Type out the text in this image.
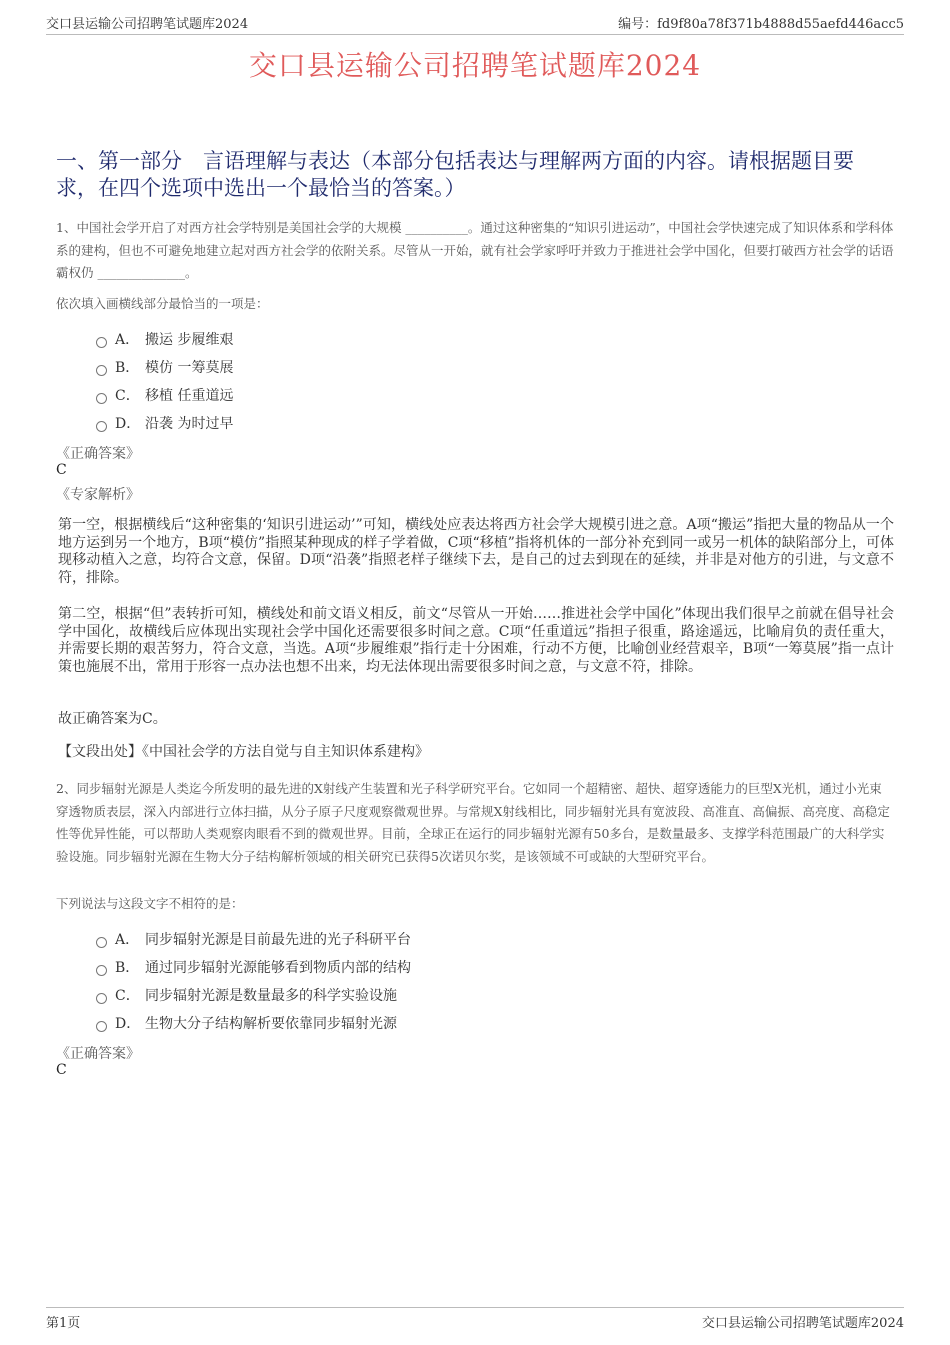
交口县运输公司招聘笔试题库2024	编号：fd9f80a78f371b4888d55aefd446acc5
交口县运输公司招聘笔试题库2024
一、第一部分　言语理解与表达（本部分包括表达与理解两方面的内容。请根据题目要求，在四个选项中选出一个最恰当的答案。）
1、中国社会学开启了对西方社会学特别是美国社会学的大规模 __________。通过这种密集的“知识引进运动”，中国社会学快速完成了知识体系和学科体系的建构，但也不可避免地建立起对西方社会学的依附关系。尽管从一开始，就有社会学家呼吁并致力于推进社会学中国化，但要打破西方社会学的话语霸权仍 ______________。
依次填入画横线部分最恰当的一项是：
A． 搬运 步履维艰
B． 模仿 一筹莫展
C． 移植 任重道远
D． 沿袭 为时过早
《正确答案》
C
《专家解析》
第一空，根据横线后“这种密集的‘知识引进运动’”可知，横线处应表达将西方社会学大规模引进之意。A项“搬运”指把大量的物品从一个地方运到另一个地方，B项“模仿”指照某种现成的样子学着做，C项“移植”指将机体的一部分补充到同一或另一机体的缺陷部分上，可体现移动植入之意，均符合文意，保留。D项“沿袭”指照老样子继续下去，是自己的过去到现在的延续，并非是对他方的引进，与文意不符，排除。
第二空，根据“但”表转折可知，横线处和前文语义相反，前文“尽管从一开始……推进社会学中国化”体现出我们很早之前就在倡导社会学中国化，故横线后应体现出实现社会学中国化还需要很多时间之意。C项“任重道远”指担子很重，路途遥远，比喻肩负的责任重大，并需要长期的艰苦努力，符合文意，当选。A项“步履维艰”指行走十分困难，行动不方便，比喻创业经营艰辛，B项“一筹莫展”指一点计策也施展不出，常用于形容一点办法也想不出来，均无法体现出需要很多时间之意，与文意不符，排除。
故正确答案为C。
【文段出处】《中国社会学的方法自觉与自主知识体系建构》
2、同步辐射光源是人类迄今所发明的最先进的X射线产生装置和光子科学研究平台。它如同一个超精密、超快、超穿透能力的巨型X光机，通过小光束穿透物质表层，深入内部进行立体扫描，从分子原子尺度观察微观世界。与常规X射线相比，同步辐射光具有宽波段、高准直、高偏振、高亮度、高稳定性等优异性能，可以帮助人类观察肉眼看不到的微观世界。目前，全球正在运行的同步辐射光源有50多台，是数量最多、支撑学科范围最广的大科学实验设施。同步辐射光源在生物大分子结构解析领域的相关研究已获得5次诺贝尔奖，是该领域不可或缺的大型研究平台。
下列说法与这段文字不相符的是：
A． 同步辐射光源是目前最先进的光子科研平台
B． 通过同步辐射光源能够看到物质内部的结构
C． 同步辐射光源是数量最多的科学实验设施
D． 生物大分子结构解析要依靠同步辐射光源
《正确答案》
C
第1页	交口县运输公司招聘笔试题库2024
